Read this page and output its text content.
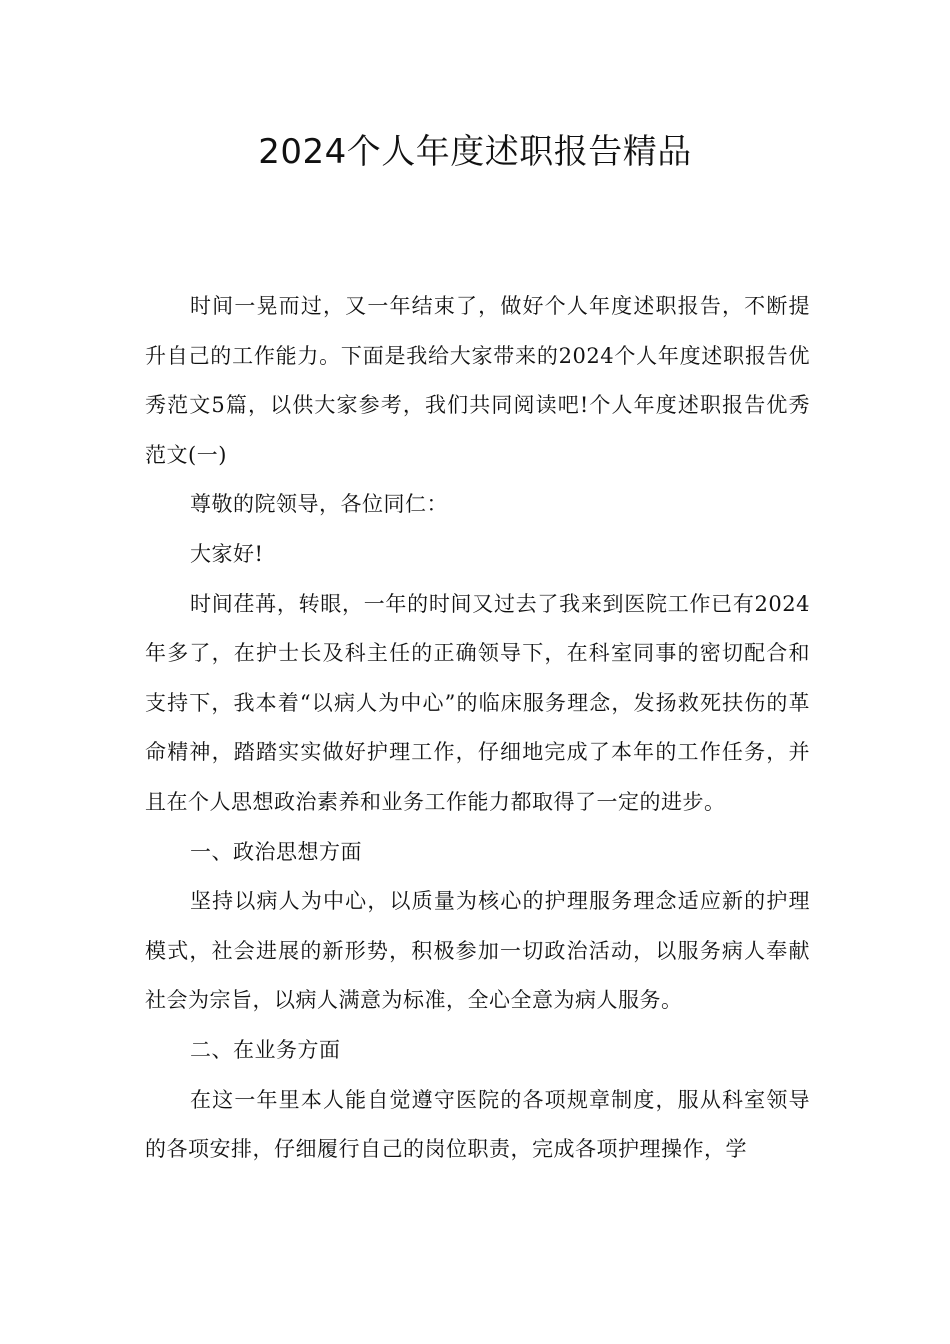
2024个人年度述职报告精品

时间一晃而过，又一年结束了，做好个人年度述职报告，不断提升自己的工作能力。下面是我给大家带来的2024个人年度述职报告优秀范文5篇，以供大家参考，我们共同阅读吧!个人年度述职报告优秀范文(一)

尊敬的院领导，各位同仁：

大家好!

时间荏苒，转眼，一年的时间又过去了我来到医院工作已有2024年多了，在护士长及科主任的正确领导下，在科室同事的密切配合和支持下，我本着“以病人为中心”的临床服务理念，发扬救死扶伤的革命精神，踏踏实实做好护理工作，仔细地完成了本年的工作任务，并且在个人思想政治素养和业务工作能力都取得了一定的进步。

一、政治思想方面

坚持以病人为中心，以质量为核心的护理服务理念适应新的护理模式，社会进展的新形势，积极参加一切政治活动，以服务病人奉献社会为宗旨，以病人满意为标准，全心全意为病人服务。

二、在业务方面

在这一年里本人能自觉遵守医院的各项规章制度，服从科室领导的各项安排，仔细履行自己的岗位职责，完成各项护理操作，学
